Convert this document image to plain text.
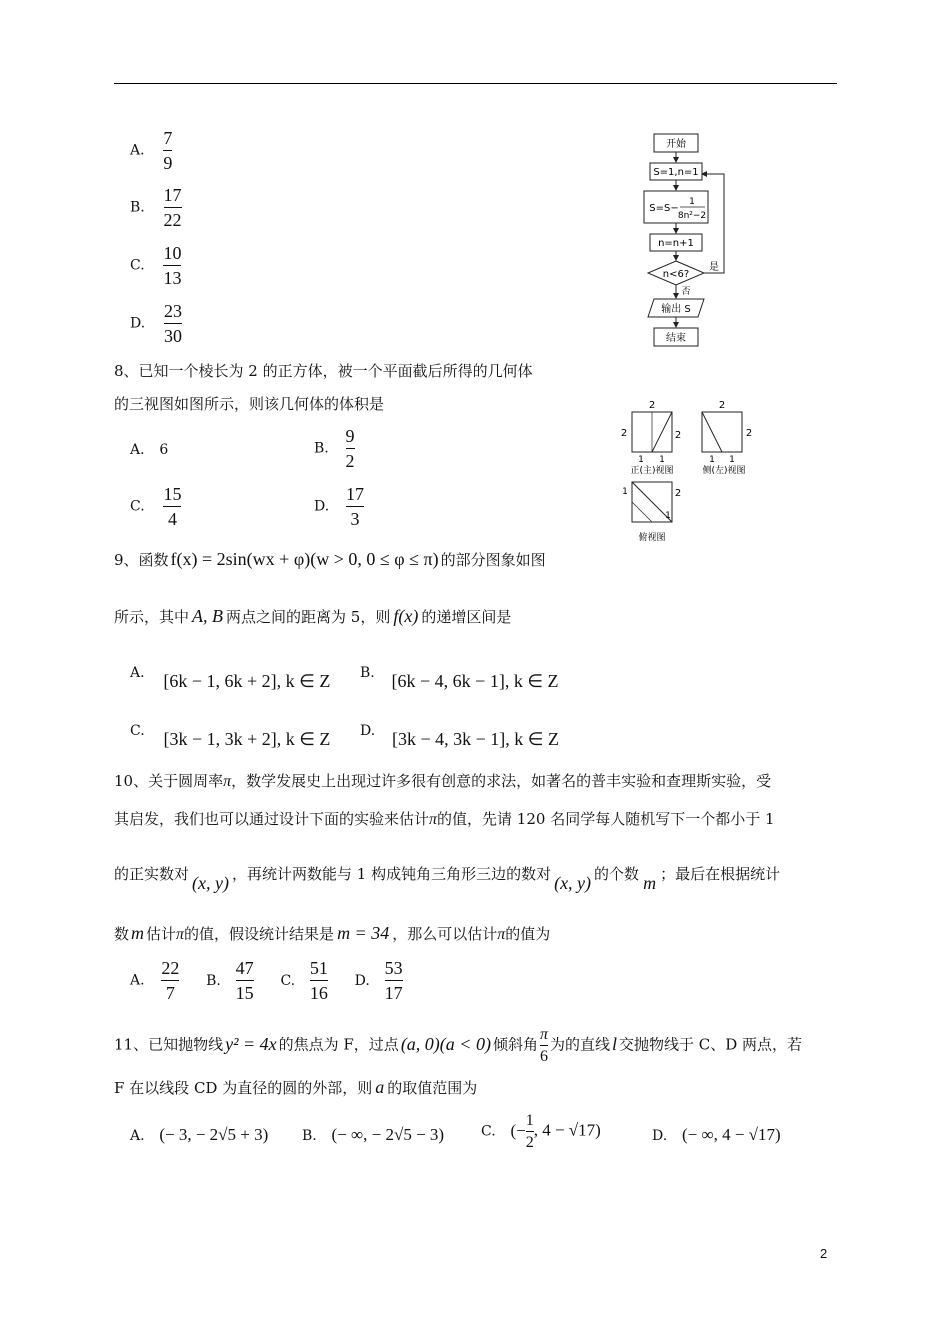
A. $\frac{7}{9}$
B. $\frac{17}{22}$
C. $\frac{10}{13}$
D. $\frac{23}{30}$
开始
S=1,n=1
S=S−
1
8n²−2
n=n+1
n<6?
是
否
输出 S
结束
8、已知一个棱长为 2 的正方体，被一个平面截后所得的几何体
的三视图如图所示，则该几何体的体积是
A. 6	B. $\frac{9}{2}$
C. $\frac{15}{4}$	D. $\frac{17}{3}$
2
2	2
1 1
正(主)视图
2
2
1 1
侧(左)视图
1	2
1
俯视图
9、函数 f(x) = 2sin(wx + φ)(w > 0, 0 ≤ φ ≤ π) 的部分图象如图
所示，其中 A, B 两点之间的距离为 5，则 f(x) 的递增区间是
A. [6k − 1, 6k + 2], k ∈ Z B. [6k − 4, 6k − 1], k ∈ Z
C. [3k − 1, 3k + 2], k ∈ Z D. [3k − 4, 3k − 1], k ∈ Z
10、关于圆周率π，数学发展史上出现过许多很有创意的求法，如著名的普丰实验和查理斯实验，受
其启发，我们也可以通过设计下面的实验来估计π的值，先请 120 名同学每人随机写下一个都小于 1
的正实数对 (x, y) ，再统计两数能与 1 构成钝角三角形三边的数对 (x, y) 的个数 m ；最后在根据统计
数 m 估计π的值，假设统计结果是 m = 34 ，那么可以估计π的值为
A. $\frac{22}{7} B$. $\frac{47}{15} C$. $\frac{51}{16} D$. $\frac{53}{17}$
11、已知抛物线 y² = 4x 的焦点为 F，过点 (a, 0)(a < 0) 倾斜角 $\frac{\pi}{6}$ 为的直线 l 交抛物线于 C、D 两点，若
F 在以线段 CD 为直径的圆的外部，则 a 的取值范围为
A. (− 3, − 2√5 + 3) B. (− ∞, − 2√5 − 3)	C. (− $\frac{1}{2}$ , 4 − √17)	D. (− ∞, 4 − √17)
2
